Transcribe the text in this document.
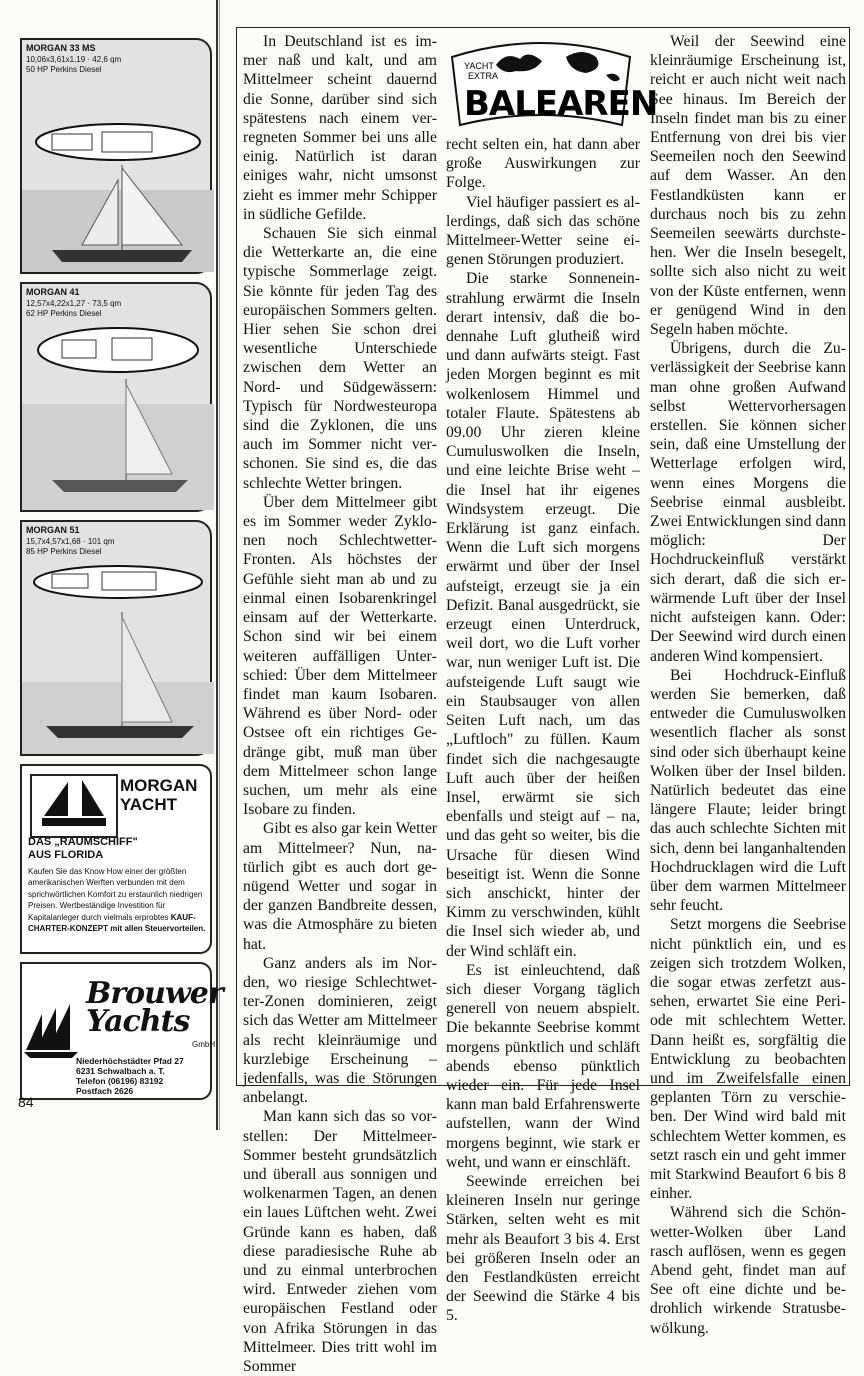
MORGAN 33 MS
10,06x3,61x1,19 · 42,6 qm
50 HP Perkins Diesel
MORGAN 41
12,57x4,22x1,27 · 73,5 qm
62 HP Perkins Diesel
MORGAN 51
15,7x4,57x1,68 · 101 qm
85 HP Perkins Diesel
MORGAN
YACHT
DAS „RAUMSCHIFF"
AUS FLORIDA
Kaufen Sie das Know How einer der größten amerikanischen Werften verbunden mit dem sprichwörtlichen Komfort zu erstaunlich niedrigen Preisen. Wertbeständige Investition für Kapitalanleger durch vielmals erprobtes KAUF-CHARTER-KONZEPT mit allen Steuervorteilen.
Brouwer
Yachts
GmbH
Niederhöchstädter Pfad 27
6231 Schwalbach a. T.
Telefon (06196) 83192
Postfach 2626
84
YACHT
EXTRA
BALEAREN

In Deutschland ist es immer naß und kalt, und am Mittelmeer scheint dauernd die Sonne, darüber sind sich spätestens nach einem verregneten Sommer bei uns alle einig. Natürlich ist daran einiges wahr, nicht umsonst zieht es immer mehr Schipper in südliche Gefilde.

Schauen Sie sich einmal die Wetterkarte an, die eine typische Sommerlage zeigt. Sie könnte für jeden Tag des europäischen Sommers gelten. Hier sehen Sie schon drei wesentliche Unterschiede zwischen dem Wetter an Nord- und Südgewässern: Typisch für Nordwesteuropa sind die Zyklonen, die uns auch im Sommer nicht verschonen. Sie sind es, die das schlechte Wetter bringen.

Über dem Mittelmeer gibt es im Sommer weder Zyklonen noch Schlechtwetter-Fronten. Als höchstes der Gefühle sieht man ab und zu einmal einen Isobarenkringel einsam auf der Wetterkarte. Schon sind wir bei einem weiteren auffälligen Unterschied: Über dem Mittelmeer findet man kaum Isobaren. Während es über Nord- oder Ostsee oft ein richtiges Gedränge gibt, muß man über dem Mittelmeer schon lange suchen, um mehr als eine Isobare zu finden.

Gibt es also gar kein Wetter am Mittelmeer? Nun, natürlich gibt es auch dort genügend Wetter und sogar in der ganzen Bandbreite dessen, was die Atmosphäre zu bieten hat.

Ganz anders als im Norden, wo riesige Schlechtwetter-Zonen dominieren, zeigt sich das Wetter am Mittelmeer als recht kleinräumige und kurzlebige Erscheinung – jedenfalls, was die Störungen anbelangt.

Man kann sich das so vorstellen: Der Mittelmeer-Sommer besteht grundsätzlich und überall aus sonnigen und wolkenarmen Tagen, an denen ein laues Lüftchen weht. Zwei Gründe kann es haben, daß diese paradiesische Ruhe ab und zu einmal unterbrochen wird. Entweder ziehen vom europäischen Festland oder von Afrika Störungen in das Mittelmeer. Dies tritt wohl im Sommer

recht selten ein, hat dann aber große Auswirkungen zur Folge.

Viel häufiger passiert es allerdings, daß sich das schöne Mittelmeer-Wetter seine eigenen Störungen produziert.

Die starke Sonneneinstrahlung erwärmt die Inseln derart intensiv, daß die bodennahe Luft glutheiß wird und dann aufwärts steigt. Fast jeden Morgen beginnt es mit wolkenlosem Himmel und totaler Flaute. Spätestens ab 09.00 Uhr zieren kleine Cumuluswolken die Inseln, und eine leichte Brise weht – die Insel hat ihr eigenes Windsystem erzeugt. Die Erklärung ist ganz einfach. Wenn die Luft sich morgens erwärmt und über der Insel aufsteigt, erzeugt sie ja ein Defizit. Banal ausgedrückt, sie erzeugt einen Unterdruck, weil dort, wo die Luft vorher war, nun weniger Luft ist. Die aufsteigende Luft saugt wie ein Staubsauger von allen Seiten Luft nach, um das „Luftloch" zu füllen. Kaum findet sich die nachgesaugte Luft auch über der heißen Insel, erwärmt sie sich ebenfalls und steigt auf – na, und das geht so weiter, bis die Ursache für diesen Wind beseitigt ist. Wenn die Sonne sich anschickt, hinter der Kimm zu verschwinden, kühlt die Insel sich wieder ab, und der Wind schläft ein.

Es ist einleuchtend, daß sich dieser Vorgang täglich generell von neuem abspielt. Die bekannte Seebrise kommt morgens pünktlich und schläft abends ebenso pünktlich wieder ein. Für jede Insel kann man bald Erfahrenswerte aufstellen, wann der Wind morgens beginnt, wie stark er weht, und wann er einschläft.

Seewinde erreichen bei kleineren Inseln nur geringe Stärken, selten weht es mit mehr als Beaufort 3 bis 4. Erst bei größeren Inseln oder an den Festlandküsten erreicht der Seewind die Stärke 4 bis 5.

Weil der Seewind eine kleinräumige Erscheinung ist, reicht er auch nicht weit nach See hinaus. Im Bereich der Inseln findet man bis zu einer Entfernung von drei bis vier Seemeilen noch den Seewind auf dem Wasser. An den Festlandküsten kann er durchaus noch bis zu zehn Seemeilen seewärts durchstehen. Wer die Inseln besegelt, sollte sich also nicht zu weit von der Küste entfernen, wenn er genügend Wind in den Segeln haben möchte.

Übrigens, durch die Zuverlässigkeit der Seebrise kann man ohne großen Aufwand selbst Wettervorhersagen erstellen. Sie können sicher sein, daß eine Umstellung der Wetterlage erfolgen wird, wenn eines Morgens die Seebrise einmal ausbleibt. Zwei Entwicklungen sind dann möglich: Der Hochdruckeinfluß verstärkt sich derart, daß die sich erwärmende Luft über der Insel nicht aufsteigen kann. Oder: Der Seewind wird durch einen anderen Wind kompensiert.

Bei Hochdruck-Einfluß werden Sie bemerken, daß entweder die Cumuluswolken wesentlich flacher als sonst sind oder sich überhaupt keine Wolken über der Insel bilden. Natürlich bedeutet das eine längere Flaute; leider bringt das auch schlechte Sichten mit sich, denn bei langanhaltenden Hochdrucklagen wird die Luft über dem warmen Mittelmeer sehr feucht.

Setzt morgens die Seebrise nicht pünktlich ein, und es zeigen sich trotzdem Wolken, die sogar etwas zerfetzt aussehen, erwartet Sie eine Periode mit schlechtem Wetter. Dann heißt es, sorgfältig die Entwicklung zu beobachten und im Zweifelsfalle einen geplanten Törn zu verschieben. Der Wind wird bald mit schlechtem Wetter kommen, es setzt rasch ein und geht immer mit Starkwind Beaufort 6 bis 8 einher.

Während sich die Schönwetter-Wolken über Land rasch auflösen, wenn es gegen Abend geht, findet man auf See oft eine dichte und bedrohlich wirkende Stratusbewölkung.
